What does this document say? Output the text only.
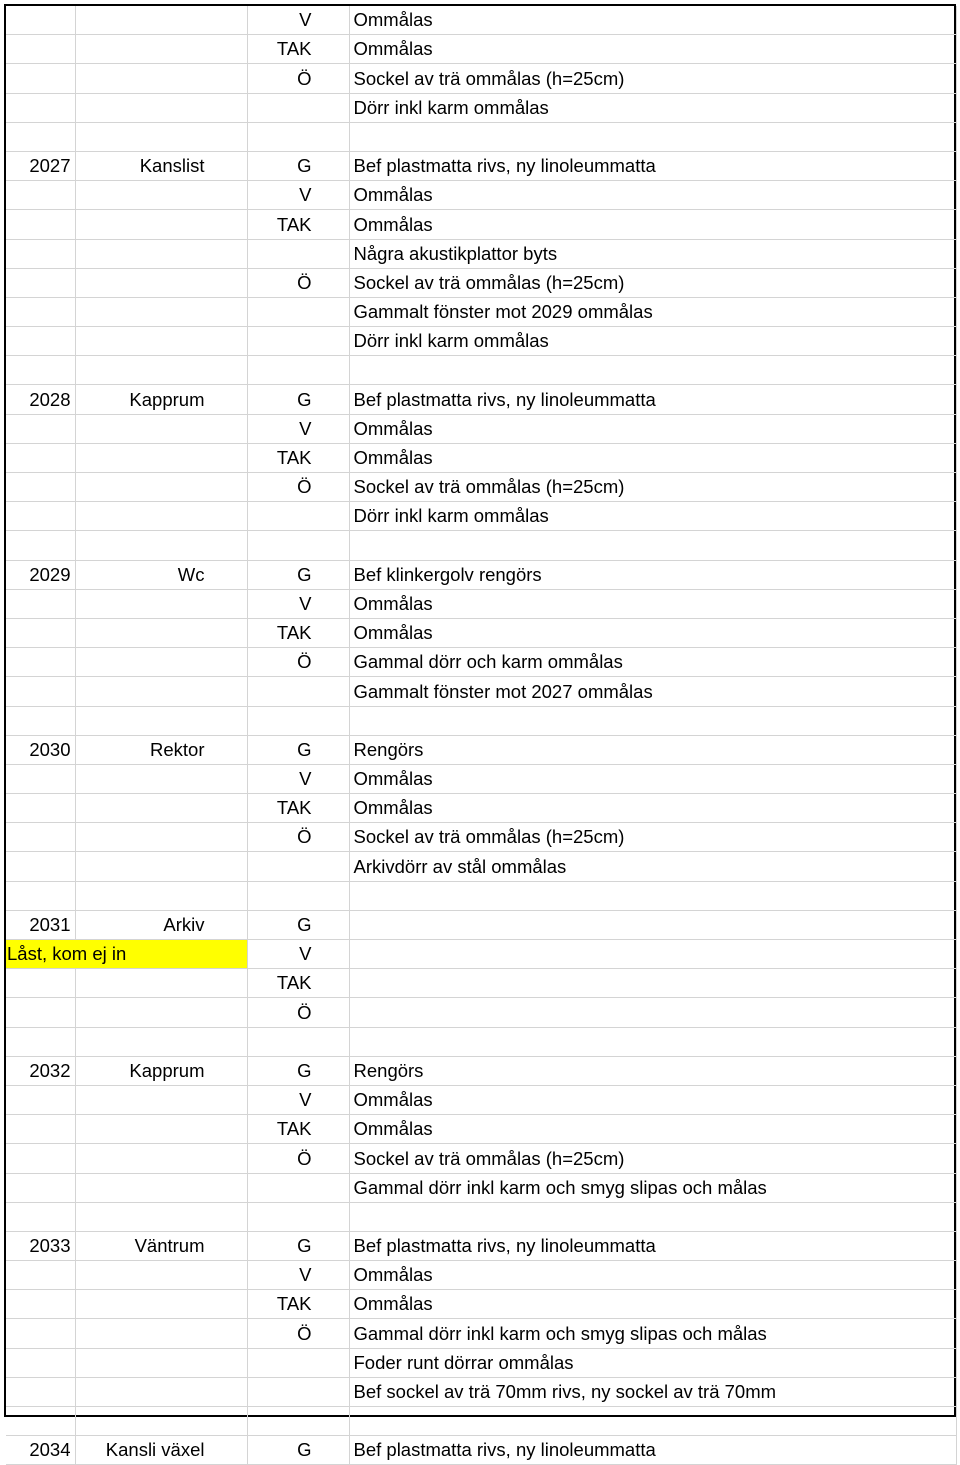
		V	Ommålas
		TAK	Ommålas
		Ö	Sockel av trä ommålas (h=25cm)
			Dörr inkl karm ommålas

2027	Kanslist	G	Bef plastmatta rivs, ny linoleummatta
		V	Ommålas
		TAK	Ommålas
			Några akustikplattor byts
		Ö	Sockel av trä ommålas (h=25cm)
			Gammalt fönster mot 2029 ommålas
			Dörr inkl karm ommålas

2028	Kapprum	G	Bef plastmatta rivs, ny linoleummatta
		V	Ommålas
		TAK	Ommålas
		Ö	Sockel av trä ommålas (h=25cm)
			Dörr inkl karm ommålas

2029	Wc	G	Bef klinkergolv rengörs
		V	Ommålas
		TAK	Ommålas
		Ö	Gammal dörr och karm ommålas
			Gammalt fönster mot 2027 ommålas

2030	Rektor	G	Rengörs
		V	Ommålas
		TAK	Ommålas
		Ö	Sockel av trä ommålas (h=25cm)
			Arkivdörr av stål ommålas

2031	Arkiv	G	
Låst, kom ej in		V	
		TAK	
		Ö	

2032	Kapprum	G	Rengörs
		V	Ommålas
		TAK	Ommålas
		Ö	Sockel av trä ommålas (h=25cm)
			Gammal dörr inkl karm och smyg slipas och målas

2033	Väntrum	G	Bef plastmatta rivs, ny linoleummatta
		V	Ommålas
		TAK	Ommålas
		Ö	Gammal dörr inkl karm och smyg slipas och målas
			Foder runt dörrar ommålas
			Bef sockel av trä 70mm rivs, ny sockel av trä 70mm

2034	Kansli växel	G	Bef plastmatta rivs, ny linoleummatta
